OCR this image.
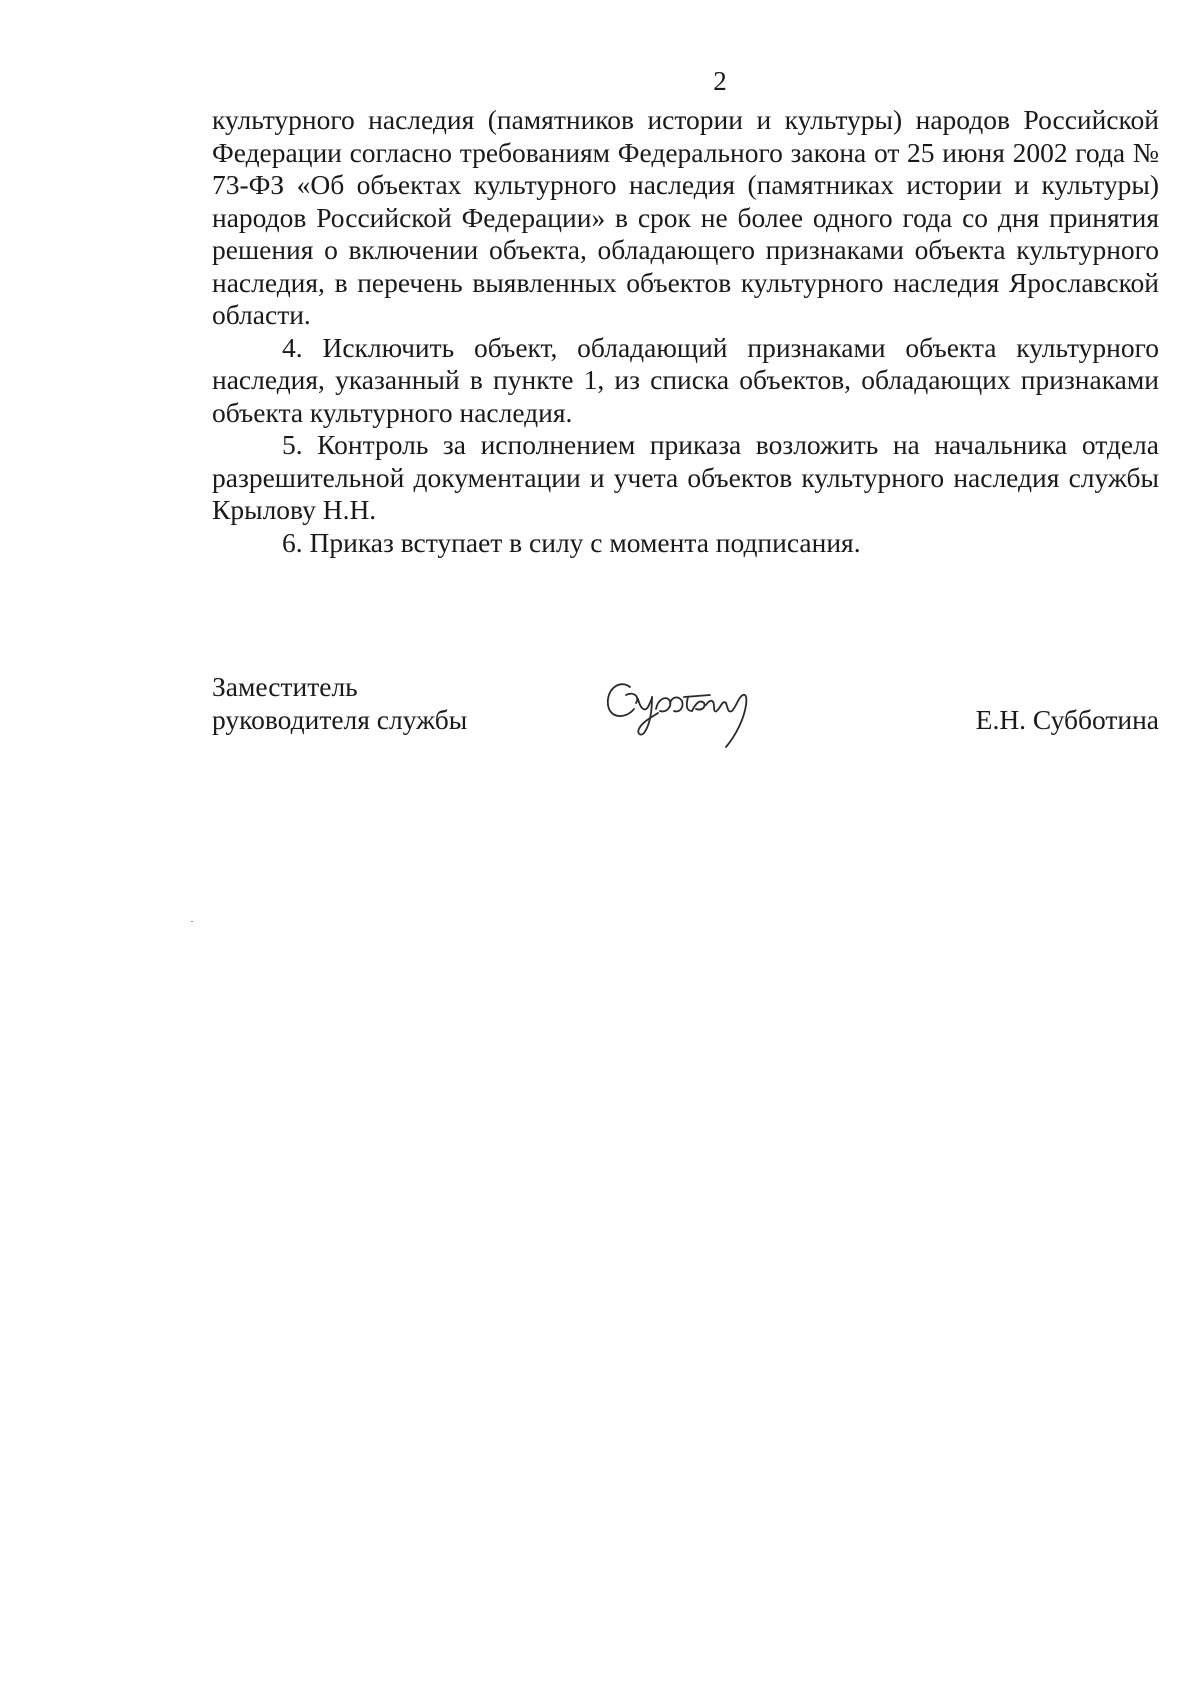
2

культурного наследия (памятников истории и культуры) народов Российской Федерации согласно требованиям Федерального закона от 25 июня 2002 года № 73-ФЗ «Об объектах культурного наследия (памятниках истории и культуры) народов Российской Федерации» в срок не более одного года со дня принятия решения о включении объекта, обладающего признаками объекта культурного наследия, в перечень выявленных объектов культурного наследия Ярославской области.

4. Исключить объект, обладающий признаками объекта культурного наследия, указанный в пункте 1, из списка объектов, обладающих признаками объекта культурного наследия.

5. Контроль за исполнением приказа возложить на начальника отдела разрешительной документации и учета объектов культурного наследия службы Крылову Н.Н.

6. Приказ вступает в силу с момента подписания.

Заместитель
руководителя службы	Е.Н. Субботина
